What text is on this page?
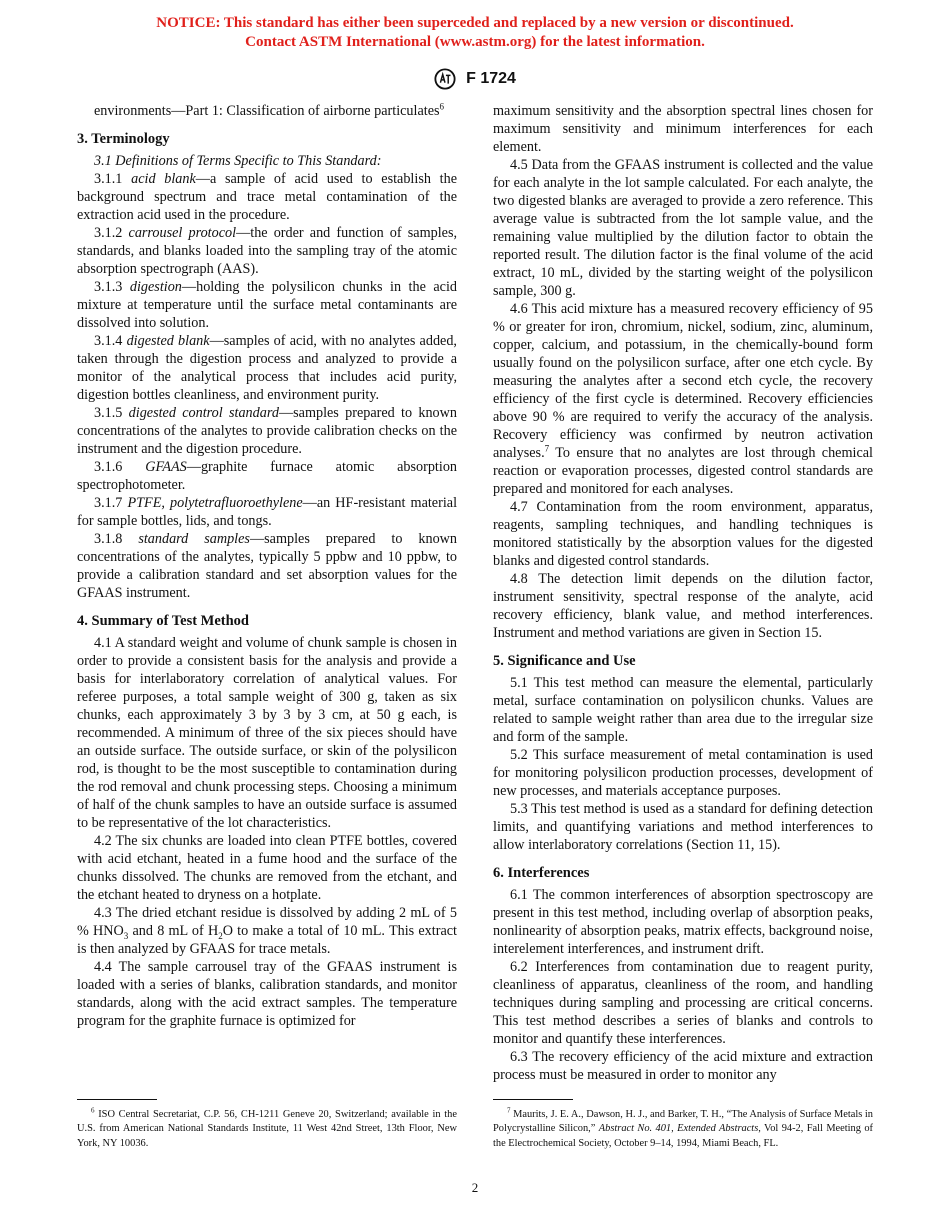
NOTICE: This standard has either been superceded and replaced by a new version or discontinued.
Contact ASTM International (www.astm.org) for the latest information.
F 1724

environments—Part 1: Classification of airborne particulates$^6$

3. Terminology

3.1 Definitions of Terms Specific to This Standard:

3.1.1 acid blank—a sample of acid used to establish the background spectrum and trace metal contamination of the extraction acid used in the procedure.

3.1.2 carrousel protocol—the order and function of samples, standards, and blanks loaded into the sampling tray of the atomic absorption spectrograph (AAS).

3.1.3 digestion—holding the polysilicon chunks in the acid mixture at temperature until the surface metal contaminants are dissolved into solution.

3.1.4 digested blank—samples of acid, with no analytes added, taken through the digestion process and analyzed to provide a monitor of the analytical process that includes acid purity, digestion bottles cleanliness, and environment purity.

3.1.5 digested control standard—samples prepared to known concentrations of the analytes to provide calibration checks on the instrument and the digestion procedure.

3.1.6 GFAAS—graphite furnace atomic absorption spectrophotometer.

3.1.7 PTFE, polytetrafluoroethylene—an HF-resistant material for sample bottles, lids, and tongs.

3.1.8 standard samples—samples prepared to known concentrations of the analytes, typically 5 ppbw and 10 ppbw, to provide a calibration standard and set absorption values for the GFAAS instrument.

4. Summary of Test Method

4.1 A standard weight and volume of chunk sample is chosen in order to provide a consistent basis for the analysis and provide a basis for interlaboratory correlation of analytical values. For referee purposes, a total sample weight of 300 g, taken as six chunks, each approximately 3 by 3 by 3 cm, at 50 g each, is recommended. A minimum of three of the six pieces should have an outside surface. The outside surface, or skin of the polysilicon rod, is thought to be the most susceptible to contamination during the rod removal and chunk processing steps. Choosing a minimum of half of the chunk samples to have an outside surface is assumed to be representative of the lot characteristics.

4.2 The six chunks are loaded into clean PTFE bottles, covered with acid etchant, heated in a fume hood and the surface of the chunks dissolved. The chunks are removed from the etchant, and the etchant heated to dryness on a hotplate.

4.3 The dried etchant residue is dissolved by adding 2 mL of 5 % $HNO_3$ and 8 mL of $H_2O$ to make a total of 10 mL. This extract is then analyzed by GFAAS for trace metals.

4.4 The sample carrousel tray of the GFAAS instrument is loaded with a series of blanks, calibration standards, and monitor standards, along with the acid extract samples. The temperature program for the graphite furnace is optimized for

maximum sensitivity and the absorption spectral lines chosen for maximum sensitivity and minimum interferences for each element.

4.5 Data from the GFAAS instrument is collected and the value for each analyte in the lot sample calculated. For each analyte, the two digested blanks are averaged to provide a zero reference. This average value is subtracted from the lot sample value, and the remaining value multiplied by the dilution factor to obtain the reported result. The dilution factor is the final volume of the acid extract, 10 mL, divided by the starting weight of the polysilicon sample, 300 g.

4.6 This acid mixture has a measured recovery efficiency of 95 % or greater for iron, chromium, nickel, sodium, zinc, aluminum, copper, calcium, and potassium, in the chemically-bound form usually found on the polysilicon surface, after one etch cycle. By measuring the analytes after a second etch cycle, the recovery efficiency of the first cycle is determined. Recovery efficiencies above 90 % are required to verify the accuracy of the analysis. Recovery efficiency was confirmed by neutron activation analyses.$^7$ To ensure that no analytes are lost through chemical reaction or evaporation processes, digested control standards are prepared and monitored for each analyses.

4.7 Contamination from the room environment, apparatus, reagents, sampling techniques, and handling techniques is monitored statistically by the absorption values for the digested blanks and digested control standards.

4.8 The detection limit depends on the dilution factor, instrument sensitivity, spectral response of the analyte, acid recovery efficiency, blank value, and method interferences. Instrument and method variations are given in Section 15.

5. Significance and Use

5.1 This test method can measure the elemental, particularly metal, surface contamination on polysilicon chunks. Values are related to sample weight rather than area due to the irregular size and form of the sample.

5.2 This surface measurement of metal contamination is used for monitoring polysilicon production processes, development of new processes, and materials acceptance purposes.

5.3 This test method is used as a standard for defining detection limits, and quantifying variations and method interferences to allow interlaboratory correlations (Section 11, 15).

6. Interferences

6.1 The common interferences of absorption spectroscopy are present in this test method, including overlap of absorption peaks, nonlinearity of absorption peaks, matrix effects, background noise, interelement interferences, and instrument drift.

6.2 Interferences from contamination due to reagent purity, cleanliness of apparatus, cleanliness of the room, and handling techniques during sampling and processing are critical concerns. This test method describes a series of blanks and controls to monitor and quantify these interferences.

6.3 The recovery efficiency of the acid mixture and extraction process must be measured in order to monitor any

$^6$ ISO Central Secretariat, C.P. 56, CH-1211 Geneve 20, Switzerland; available in the U.S. from American National Standards Institute, 11 West 42nd Street, 13th Floor, New York, NY 10036.
$^7$ Maurits, J. E. A., Dawson, H. J., and Barker, T. H., “The Analysis of Surface Metals in Polycrystalline Silicon,” Abstract No. 401, Extended Abstracts, Vol 94-2, Fall Meeting of the Electrochemical Society, October 9–14, 1994, Miami Beach, FL.
2
